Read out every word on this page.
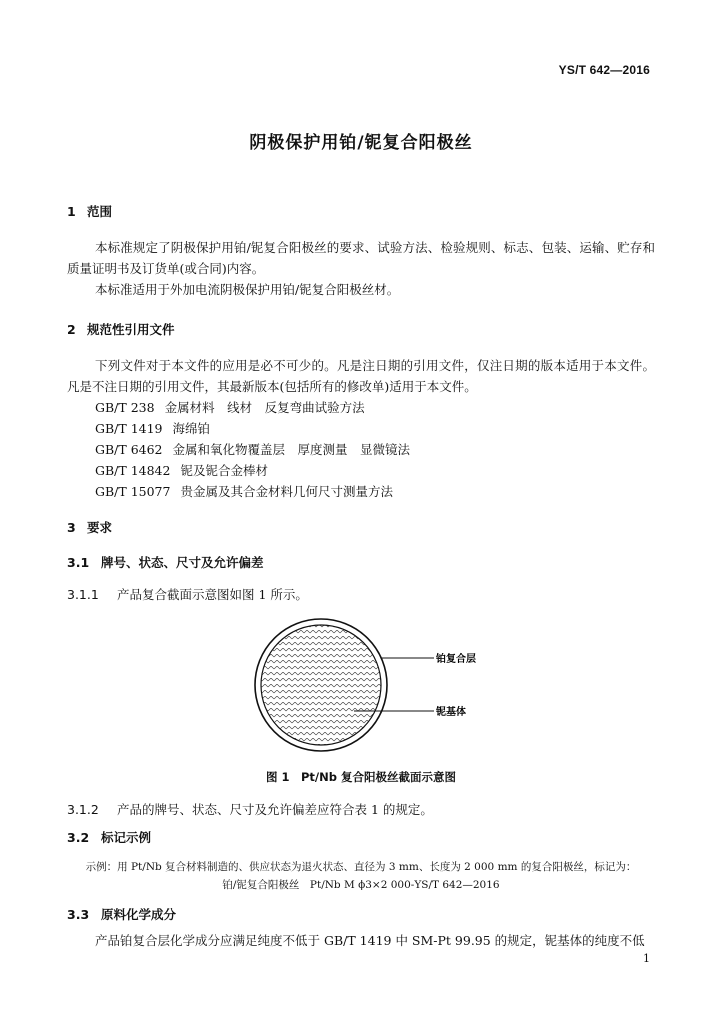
YS/T 642—2016
阴极保护用铂/铌复合阳极丝
1 范围
本标准规定了阴极保护用铂/铌复合阳极丝的要求、试验方法、检验规则、标志、包装、运输、贮存和质量证明书及订货单(或合同)内容。
本标准适用于外加电流阴极保护用铂/铌复合阳极丝材。
2 规范性引用文件
下列文件对于本文件的应用是必不可少的。凡是注日期的引用文件，仅注日期的版本适用于本文件。凡是不注日期的引用文件，其最新版本(包括所有的修改单)适用于本文件。
GB/T 238 金属材料　线材　反复弯曲试验方法
GB/T 1419 海绵铂
GB/T 6462 金属和氧化物覆盖层　厚度测量　显微镜法
GB/T 14842 铌及铌合金棒材
GB/T 15077 贵金属及其合金材料几何尺寸测量方法
3 要求
3.1 牌号、状态、尺寸及允许偏差
3.1.1 产品复合截面示意图如图 1 所示。
铂复合层
铌基体
图 1　Pt/Nb 复合阳极丝截面示意图
3.1.2 产品的牌号、状态、尺寸及允许偏差应符合表 1 的规定。
3.2 标记示例
示例：用 Pt/Nb 复合材料制造的、供应状态为退火状态、直径为 3 mm、长度为 2 000 mm 的复合阳极丝，标记为：
铂/铌复合阳极丝　Pt/Nb M ϕ3×2 000-YS/T 642—2016
3.3 原料化学成分
产品铂复合层化学成分应满足纯度不低于 GB/T 1419 中 SM-Pt 99.95 的规定，铌基体的纯度不低
1
